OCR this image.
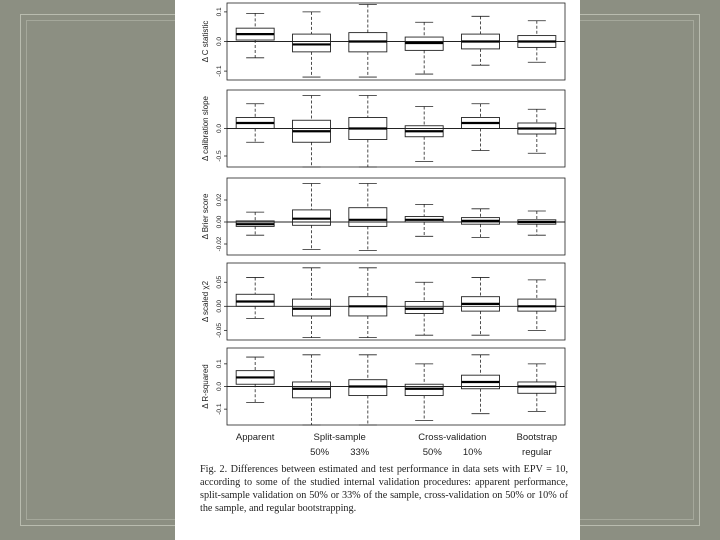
-0.1
0.0
0.1
Δ C statistic
-0.5
0.0
Δ calibration slope
-0.02
0.00
0.02
Δ Brier score
-0.05
0.00
0.05
Δ scaled χ2
-0.1
0.0
0.1
Δ R-squared
Apparent	Split-sample
50%        33%
Cross-validation
50%        10%
Bootstrap
regular
Fig. 2. Differences between estimated and test performance in data sets with EPV = 10, according to some of the studied internal validation procedures: apparent performance, split-sample validation on 50% or 33% of the sample, cross-validation on 50% or 10% of the sample, and regular bootstrapping.
